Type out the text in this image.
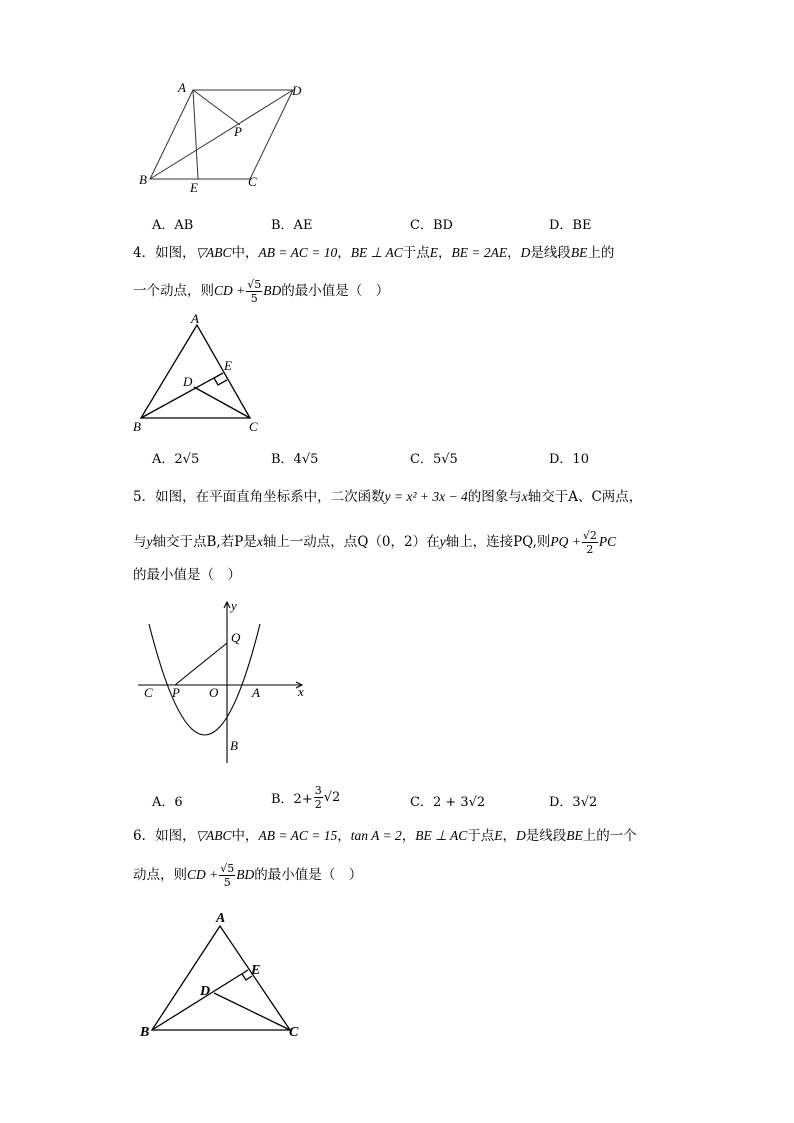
A	D
P
B
E	C
A．AB	B．AE	C．BD	D．BE
4．如图，▽ABC中，AB = AC = 10，BE ⊥ AC于点E，BE = 2AE，D是线段BE上的
一个动点，则CD + $\frac{√5}{5}$ BD的最小值是（　）
A
E
D
B	C
A．2√5	B．4√5	C．5√5	D．10
5．如图，在平面直角坐标系中，二次函数y = x² + 3x − 4的图象与x轴交于A、C两点，
与y轴交于点B,若P是x轴上一动点，点Q（0，2）在y轴上，连接PQ,则PQ + $\frac{√2}{2}$ PC
的最小值是（　）
y
Q
C P O	A	x
B
A．6	B．$2+ \frac{3}{2} √2$	C．2 + 3√2	D．3√2
6．如图，▽ABC中，AB = AC = 15，tan A = 2，BE ⊥ AC于点E，D是线段BE上的一个
动点，则CD + $\frac{√5}{5}$ BD的最小值是（　）
A
E
D
B	C
